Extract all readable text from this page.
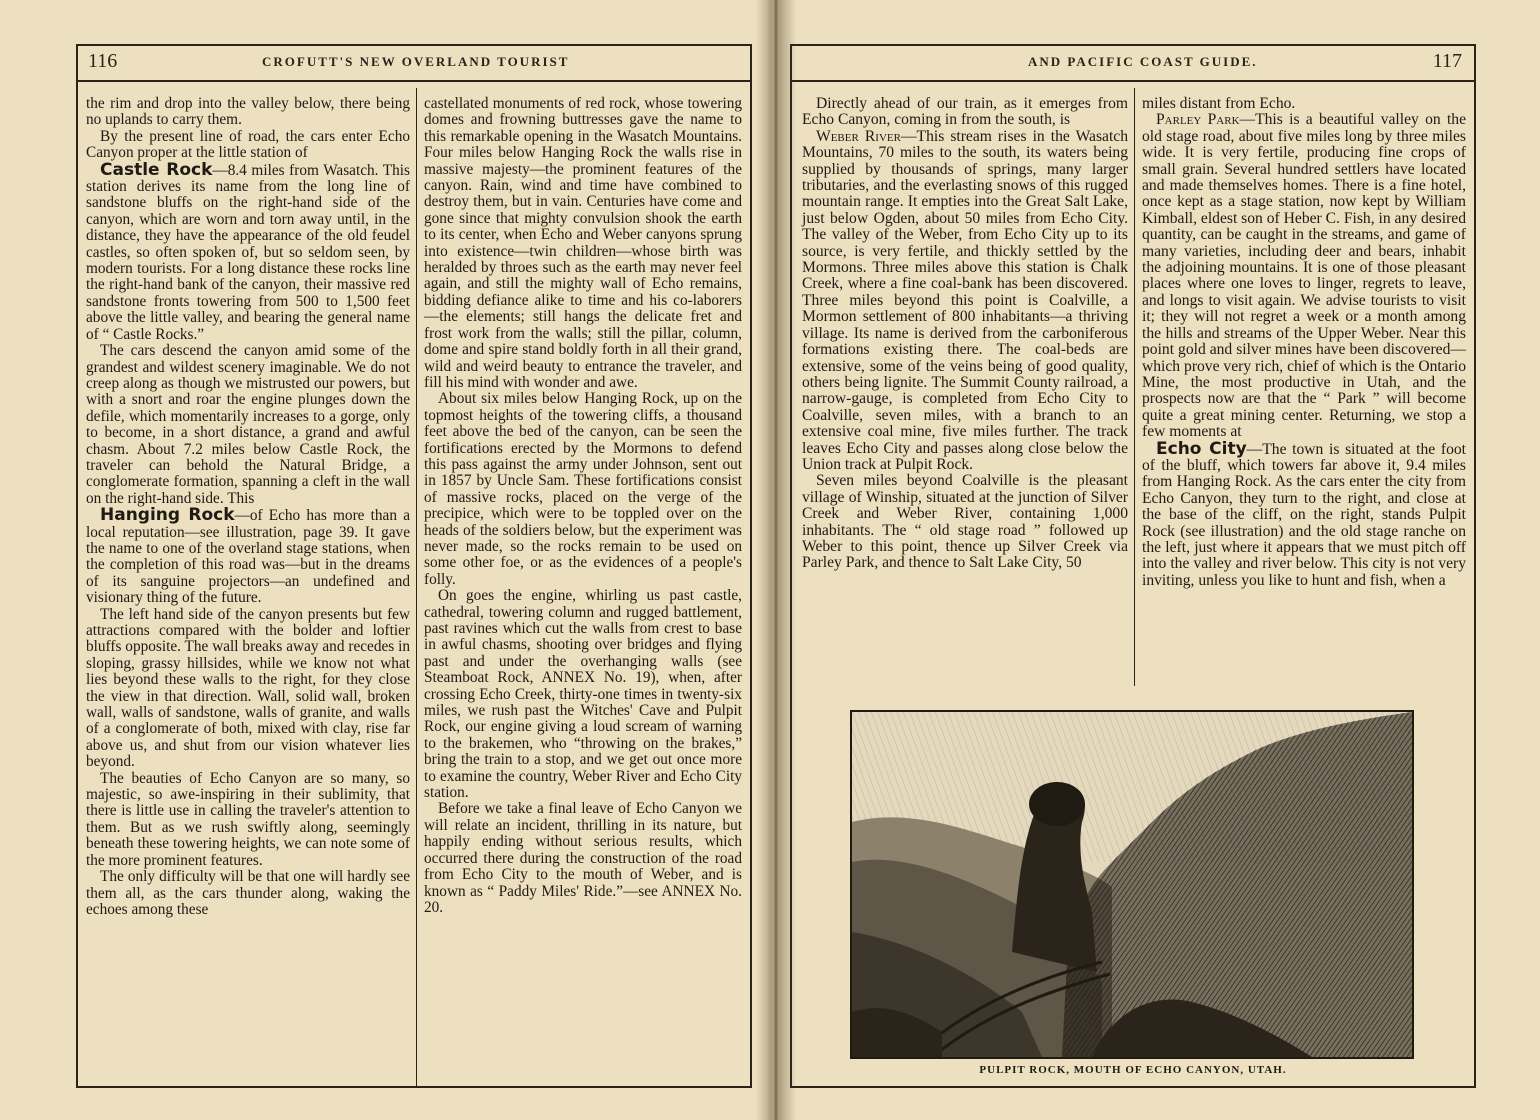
116	CROFUTT'S NEW OVERLAND TOURIST

the rim and drop into the valley below, there being no uplands to carry them.

By the present line of road, the cars enter Echo Canyon proper at the little station of

Castle Rock—8.4 miles from Wasatch. This station derives its name from the long line of sandstone bluffs on the right-hand side of the canyon, which are worn and torn away until, in the distance, they have the appearance of the old feudel castles, so often spoken of, but so seldom seen, by modern tourists. For a long distance these rocks line the right-hand bank of the canyon, their massive red sandstone fronts towering from 500 to 1,500 feet above the little valley, and bearing the general name of “ Castle Rocks.”

The cars descend the canyon amid some of the grandest and wildest scenery imaginable. We do not creep along as though we mistrusted our powers, but with a snort and roar the engine plunges down the defile, which momentarily increases to a gorge, only to become, in a short distance, a grand and awful chasm. About 7.2 miles below Castle Rock, the traveler can behold the Natural Bridge, a conglomerate formation, spanning a cleft in the wall on the right-hand side. This

Hanging Rock—of Echo has more than a local reputation—see illustration, page 39. It gave the name to one of the overland stage stations, when the completion of this road was—but in the dreams of its sanguine projectors—an undefined and visionary thing of the future.

The left hand side of the canyon presents but few attractions compared with the bolder and loftier bluffs opposite. The wall breaks away and recedes in sloping, grassy hillsides, while we know not what lies beyond these walls to the right, for they close the view in that direction. Wall, solid wall, broken wall, walls of sandstone, walls of granite, and walls of a conglomerate of both, mixed with clay, rise far above us, and shut from our vision whatever lies beyond.

The beauties of Echo Canyon are so many, so majestic, so awe-inspiring in their sublimity, that there is little use in calling the traveler's attention to them. But as we rush swiftly along, seemingly beneath these towering heights, we can note some of the more prominent features.

The only difficulty will be that one will hardly see them all, as the cars thunder along, waking the echoes among these

castellated monuments of red rock, whose towering domes and frowning buttresses gave the name to this remarkable opening in the Wasatch Mountains. Four miles below Hanging Rock the walls rise in massive majesty—the prominent features of the canyon. Rain, wind and time have combined to destroy them, but in vain. Centuries have come and gone since that mighty convulsion shook the earth to its center, when Echo and Weber canyons sprung into existence—twin children—whose birth was heralded by throes such as the earth may never feel again, and still the mighty wall of Echo remains, bidding defiance alike to time and his co-laborers—the elements; still hangs the delicate fret and frost work from the walls; still the pillar, column, dome and spire stand boldly forth in all their grand, wild and weird beauty to entrance the traveler, and fill his mind with wonder and awe.

About six miles below Hanging Rock, up on the topmost heights of the towering cliffs, a thousand feet above the bed of the canyon, can be seen the fortifications erected by the Mormons to defend this pass against the army under Johnson, sent out in 1857 by Uncle Sam. These fortifications consist of massive rocks, placed on the verge of the precipice, which were to be toppled over on the heads of the soldiers below, but the experiment was never made, so the rocks remain to be used on some other foe, or as the evidences of a people's folly.

On goes the engine, whirling us past castle, cathedral, towering column and rugged battlement, past ravines which cut the walls from crest to base in awful chasms, shooting over bridges and flying past and under the overhanging walls (see Steamboat Rock, ANNEX No. 19), when, after crossing Echo Creek, thirty-one times in twenty-six miles, we rush past the Witches' Cave and Pulpit Rock, our engine giving a loud scream of warning to the brakemen, who “throwing on the brakes,” bring the train to a stop, and we get out once more to examine the country, Weber River and Echo City station.

Before we take a final leave of Echo Canyon we will relate an incident, thrilling in its nature, but happily ending without serious results, which occurred there during the construction of the road from Echo City to the mouth of Weber, and is known as “ Paddy Miles' Ride.”—see ANNEX No. 20.

AND PACIFIC COAST GUIDE.	117

Directly ahead of our train, as it emerges from Echo Canyon, coming in from the south, is

Weber River—This stream rises in the Wasatch Mountains, 70 miles to the south, its waters being supplied by thousands of springs, many larger tributaries, and the everlasting snows of this rugged mountain range. It empties into the Great Salt Lake, just below Ogden, about 50 miles from Echo City. The valley of the Weber, from Echo City up to its source, is very fertile, and thickly settled by the Mormons. Three miles above this station is Chalk Creek, where a fine coal-bank has been discovered. Three miles beyond this point is Coalville, a Mormon settlement of 800 inhabitants—a thriving village. Its name is derived from the carboniferous formations existing there. The coal-beds are extensive, some of the veins being of good quality, others being lignite. The Summit County railroad, a narrow-gauge, is completed from Echo City to Coalville, seven miles, with a branch to an extensive coal mine, five miles further. The track leaves Echo City and passes along close below the Union track at Pulpit Rock.

Seven miles beyond Coalville is the pleasant village of Winship, situated at the junction of Silver Creek and Weber River, containing 1,000 inhabitants. The “ old stage road ” followed up Weber to this point, thence up Silver Creek via Parley Park, and thence to Salt Lake City, 50

miles distant from Echo.

Parley Park—This is a beautiful valley on the old stage road, about five miles long by three miles wide. It is very fertile, producing fine crops of small grain. Several hundred settlers have located and made themselves homes. There is a fine hotel, once kept as a stage station, now kept by William Kimball, eldest son of Heber C. Fish, in any desired quantity, can be caught in the streams, and game of many varieties, including deer and bears, inhabit the adjoining mountains. It is one of those pleasant places where one loves to linger, regrets to leave, and longs to visit again. We advise tourists to visit it; they will not regret a week or a month among the hills and streams of the Upper Weber. Near this point gold and silver mines have been discovered—which prove very rich, chief of which is the Ontario Mine, the most productive in Utah, and the prospects now are that the “ Park ” will become quite a great mining center. Returning, we stop a few moments at

Echo City—The town is situated at the foot of the bluff, which towers far above it, 9.4 miles from Hanging Rock. As the cars enter the city from Echo Canyon, they turn to the right, and close at the base of the cliff, on the right, stands Pulpit Rock (see illustration) and the old stage ranche on the left, just where it appears that we must pitch off into the valley and river below. This city is not very inviting, unless you like to hunt and fish, when a

PULPIT ROCK, MOUTH OF ECHO CANYON, UTAH.
